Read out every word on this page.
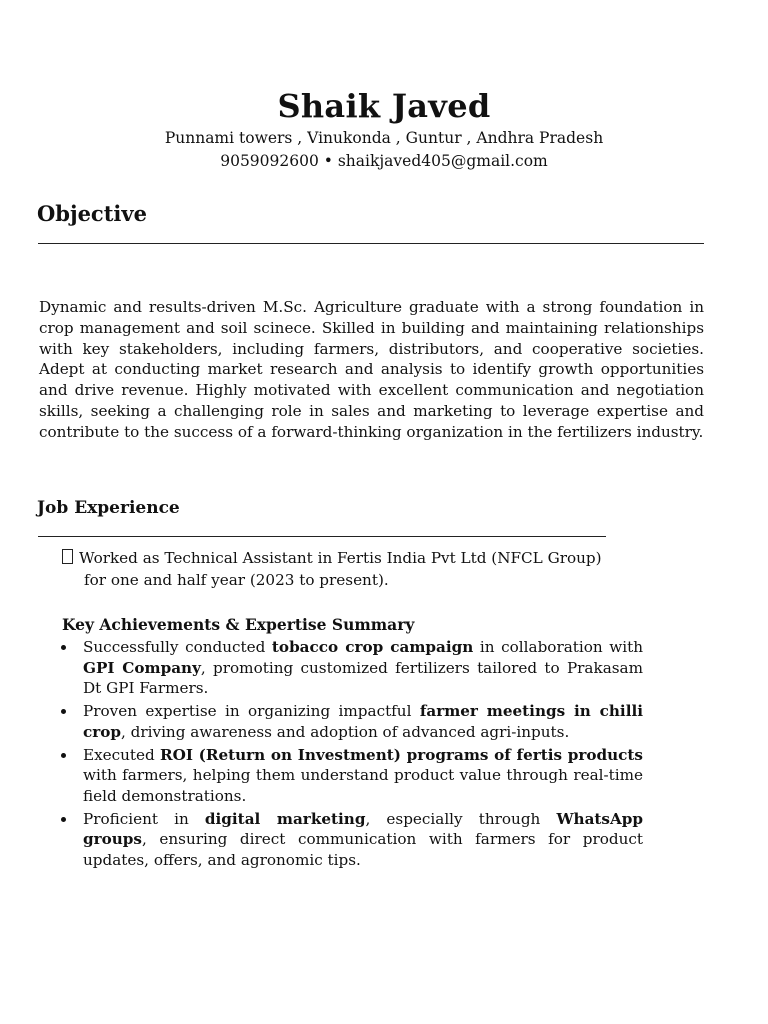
Shaik Javed
Punnami towers , Vinukonda , Guntur , Andhra Pradesh
9059092600 • shaikjaved405@gmail.com
Objective

Dynamic and results-driven M.Sc. Agriculture graduate with a strong foundation in crop management and soil scinece. Skilled in building and maintaining relationships with key stakeholders, including farmers, distributors, and cooperative societies. Adept at conducting market research and analysis to identify growth opportunities and drive revenue. Highly motivated with excellent communication and negotiation skills, seeking a challenging role in sales and marketing to leverage expertise and contribute to the success of a forward-thinking organization in the fertilizers industry.

Job Experience
Worked as Technical Assistant in Fertis India Pvt Ltd (NFCL Group)
for one and half year (2023 to present).
Key Achievements & Expertise Summary
Successfully conducted tobacco crop campaign in collaboration with GPI Company, promoting customized fertilizers tailored to Prakasam Dt GPI Farmers.
Proven expertise in organizing impactful farmer meetings in chilli crop, driving awareness and adoption of advanced agri-inputs.
Executed ROI (Return on Investment) programs of fertis products with farmers, helping them understand product value through real-time field demonstrations.
Proficient in digital marketing, especially through WhatsApp groups, ensuring direct communication with farmers for product updates, offers, and agronomic tips.
